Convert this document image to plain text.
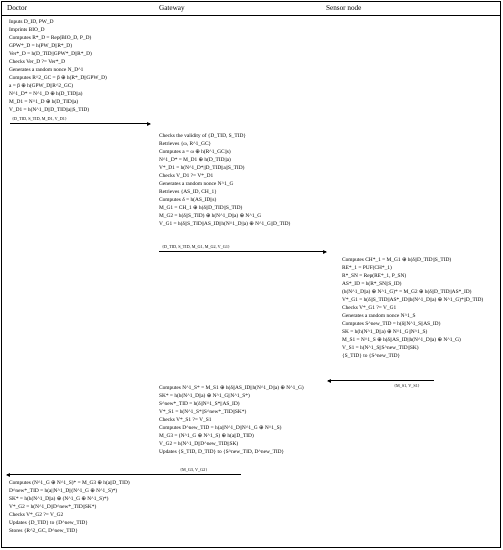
Doctor	Gateway	Sensor node
Inputs D_ID, PW_D
Imprints BIO_D
Computes R*_D = Rep(BIO_D, P_D)
GPW*_D = h(PW_D||R*_D)
Ver*_D = h(D_TID||GPW*_D||R*_D)
Checks Ver_D ?= Ver*_D
Generates a random nonce N_D^1
Computes R^2_GC = β ⊕ h(R*_D||GPW_D)
a = β ⊕ h(GPW_D||R^2_GC)
N^1_D* = N^1_D ⊕ h(D_TID||a)
M_D1 = N^1_D ⊕ h(D_TID||a)
V_D1 = h(N^1_D||D_TID||a||S_TID)
{D_TID, S_TID, M_D1, V_D1}
Checks the validity of {D_TID, S_TID}
Retrieves {ω, R^1_GC}
Computes a = ω ⊕ h(R^1_GC||s)
N^1_D* = M_D1 ⊕ h(D_TID||a)
V*_D1 = h(N^1_D*||D_TID||a||S_TID)
Checks V_D1 ?= V*_D1
Generates a random nonce N^1_G
Retrieves {AS_ID, CH_1}
Computes δ = h(AS_ID||s)
M_G1 = CH_1 ⊕ h(δ||D_TID||S_TID)
M_G2 = h(δ||S_TID) ⊕ h(N^1_D||a) ⊕ N^1_G
V_G1 = h(δ||S_TID||AS_ID||h(N^1_D||a) ⊕ N^1_G||D_TID)
{D_TID, S_TID, M_G1, M_G2, V_G1}
Computes CH*_1 = M_G1 ⊕ h(δ||D_TID||S_TID)
RE*_1 = PUF(CH*_1)
R*_SN = Rep(RE*_1, P_SN)
AS*_ID = h(R*_SN||S_ID)
(h(N^1_D||a) ⊕ N^1_G)* = M_G2 ⊕ h(δ||D_TID||AS*_ID)
V*_G1 = h(δ||S_TID||AS*_ID||h(N^1_D||a) ⊕ N^1_G)*||D_TID)
Checks V*_G1 ?= V_G1
Generates a random nonce N^1_S
Computes S^new_TID = h(δ||N^1_S||AS_ID)
SK = h(h(N^1_D||a) ⊕ N^1_G||N^1_S)
M_S1 = N^1_S ⊕ h(δ||AS_ID||h(N^1_D||a) ⊕ N^1_G)
V_S1 = h(N^1_S||S^new_TID||SK)
{S_TID} to {S^new_TID}
{M_S1, V_S1}
Computes N^1_S* = M_S1 ⊕ h(δ||AS_ID||h(N^1_D||a) ⊕ N^1_G)
SK* = h(h(N^1_D||a) ⊕ N^1_G||N^1_S*)
S^new*_TID = h(δ||N^1_S*||AS_ID)
V*_S1 = h(N^1_S*||S^new*_TID||SK*)
Checks V*_S1 ?= V_S1
Computes D^new_TID = h(a||N^1_D||N^1_G ⊕ N^1_S)
M_G3 = (N^1_G ⊕ N^1_S) ⊕ h(a||D_TID)
V_G2 = h(N^1_D||D^new_TID||SK)
Updates {S_TID, D_TID} to {S^new_TID, D^new_TID}
{M_G3, V_G2}
Computes (N^1_G ⊕ N^1_S)* = M_G3 ⊕ h(a||D_TID)
D^new*_TID = h(a||N^1_D||(N^1_G ⊕ N^1_S)*)
SK* = h(h(N^1_D||a) ⊕ (N^1_G ⊕ N^1_S)*)
V*_G2 = h(N^1_D||D^new*_TID||SK*)
Checks V*_G2 ?= V_G2
Updates {D_TID} to {D^new_TID}
Stores {R^2_GC, D^new_TID}
